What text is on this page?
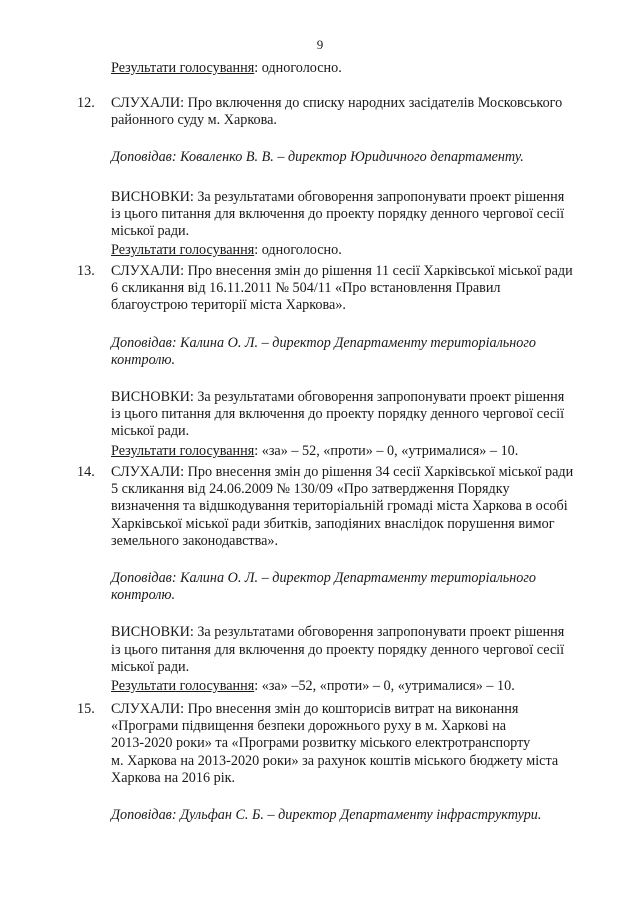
9
Результати голосування: одноголосно.
12.	СЛУХАЛИ: Про включення до списку народних засідателів Московського
районного суду м. Харкова.
Доповідав: Коваленко В. В. – директор Юридичного департаменту.
ВИСНОВКИ: За результатами обговорення запропонувати проект рішення
із цього питання для включення до проекту порядку денного чергової сесії
міської ради.
Результати голосування: одноголосно.
13.	СЛУХАЛИ: Про внесення змін до рішення 11 сесії Харківської міської ради
6 скликання від 16.11.2011 № 504/11 «Про встановлення Правил
благоустрою території міста Харкова».
Доповідав: Калина О. Л. – директор Департаменту територіального
контролю.
ВИСНОВКИ: За результатами обговорення запропонувати проект рішення
із цього питання для включення до проекту порядку денного чергової сесії
міської ради.
Результати голосування: «за» – 52, «проти» – 0, «утрималися» – 10.
14.	СЛУХАЛИ: Про внесення змін до рішення 34 сесії Харківської міської ради
5 скликання від 24.06.2009 № 130/09 «Про затвердження Порядку
визначення та відшкодування територіальній громаді міста Харкова в особі
Харківської міської ради збитків, заподіяних внаслідок порушення вимог
земельного законодавства».
Доповідав: Калина О. Л. – директор Департаменту територіального
контролю.
ВИСНОВКИ: За результатами обговорення запропонувати проект рішення
із цього питання для включення до проекту порядку денного чергової сесії
міської ради.
Результати голосування: «за» –52, «проти» – 0, «утрималися» – 10.
15.	СЛУХАЛИ: Про внесення змін до кошторисів витрат на виконання
«Програми підвищення безпеки дорожнього руху в м. Харкові на
2013-2020 роки» та «Програми розвитку міського електротранспорту
м. Харкова на 2013-2020 роки» за рахунок коштів міського бюджету міста
Харкова на 2016 рік.
Доповідав: Дульфан С. Б. – директор Департаменту інфраструктури.
